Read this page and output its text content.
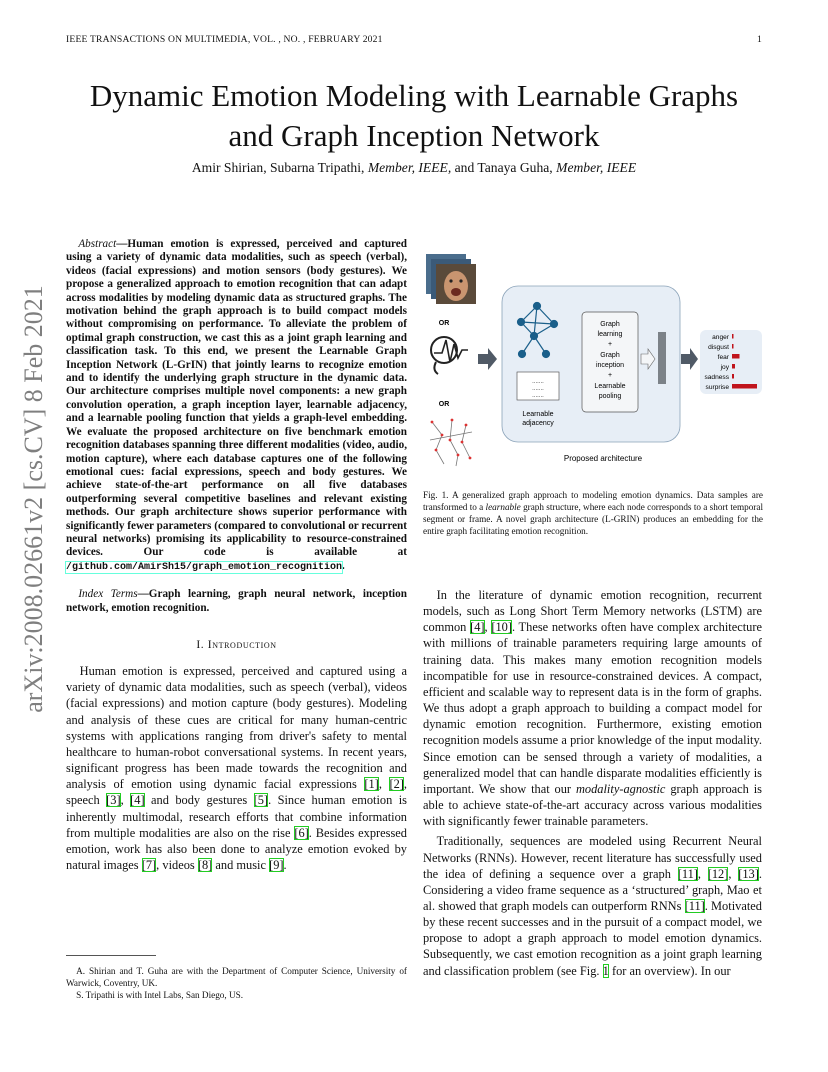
IEEE TRANSACTIONS ON MULTIMEDIA, VOL. , NO. , FEBRUARY 2021	1
Dynamic Emotion Modeling with Learnable Graphs
and Graph Inception Network
Amir Shirian, Subarna Tripathi, Member, IEEE, and Tanaya Guha, Member, IEEE
arXiv:2008.02661v2 [cs.CV] 8 Feb 2021

Abstract—Human emotion is expressed, perceived and captured using a variety of dynamic data modalities, such as speech (verbal), videos (facial expressions) and motion sensors (body gestures). We propose a generalized approach to emotion recognition that can adapt across modalities by modeling dynamic data as structured graphs. The motivation behind the graph approach is to build compact models without compromising on performance. To alleviate the problem of optimal graph construction, we cast this as a joint graph learning and classification task. To this end, we present the Learnable Graph Inception Network (L-GrIN) that jointly learns to recognize emotion and to identify the underlying graph structure in the dynamic data. Our architecture comprises multiple novel components: a new graph convolution operation, a graph inception layer, learnable adjacency, and a learnable pooling function that yields a graph-level embedding. We evaluate the proposed architecture on five benchmark emotion recognition databases spanning three different modalities (video, audio, motion capture), where each database captures one of the following emotional cues: facial expressions, speech and body gestures. We achieve state-of-the-art performance on all five databases outperforming several competitive baselines and relevant existing methods. Our graph architecture shows superior performance with significantly fewer parameters (compared to convolutional or recurrent neural networks) promising its applicability to resource-constrained devices. Our code is available at /github.com/AmirSh15/graph_emotion_recognition.

Index Terms—Graph learning, graph neural network, inception network, emotion recognition.

I. Introduction

Human emotion is expressed, perceived and captured using a variety of dynamic data modalities, such as speech (verbal), videos (facial expressions) and motion capture (body gestures). Modeling and analysis of these cues are critical for many human-centric systems with applications ranging from driver's safety to mental healthcare to human-robot conversational systems. In recent years, significant progress has been made towards the recognition and analysis of emotion using dynamic facial expressions [1], [2], speech [3], [4] and body gestures [5]. Since human emotion is inherently multimodal, research efforts that combine information from multiple modalities are also on the rise [6]. Besides expressed emotion, work has also been done to analyze emotion evoked by natural images [7], videos [8] and music [9].

A. Shirian and T. Guha are with the Department of Computer Science, University of Warwick, Coventry, UK.

S. Tripathi is with Intel Labs, San Diego, US.

OR
OR
.......
.......
.......
Learnable
adjacency
Graph
learning
+
Graph
inception
+
Learnable
pooling
anger
disgust
fear
joy
sadness
surprise
Proposed architecture
Fig. 1. A generalized graph approach to modeling emotion dynamics. Data samples are transformed to a learnable graph structure, where each node corresponds to a short temporal segment or frame. A novel graph architecture (L-GRIN) produces an embedding for the entire graph facilitating emotion recognition.

In the literature of dynamic emotion recognition, recurrent models, such as Long Short Term Memory networks (LSTM) are common [4], [10]. These networks often have complex architecture with millions of trainable parameters requiring large amounts of training data. This makes many emotion recognition models incompatible for use in resource-constrained devices. A compact, efficient and scalable way to represent data is in the form of graphs. We thus adopt a graph approach to building a compact model for dynamic emotion recognition. Furthermore, existing emotion recognition models assume a prior knowledge of the input modality. Since emotion can be sensed through a variety of modalities, a generalized model that can handle disparate modalities efficiently is important. We show that our modality-agnostic graph approach is able to achieve state-of-the-art accuracy across various modalities with significantly fewer trainable parameters.

Traditionally, sequences are modeled using Recurrent Neural Networks (RNNs). However, recent literature has successfully used the idea of defining a sequence over a graph [11], [12], [13]. Considering a video frame sequence as a ‘structured’ graph, Mao et al. showed that graph models can outperform RNNs [11]. Motivated by these recent successes and in the pursuit of a compact model, we propose to adopt a graph approach to model emotion dynamics. Subsequently, we cast emotion recognition as a joint graph learning and classification problem (see Fig. 1 for an overview). In our
